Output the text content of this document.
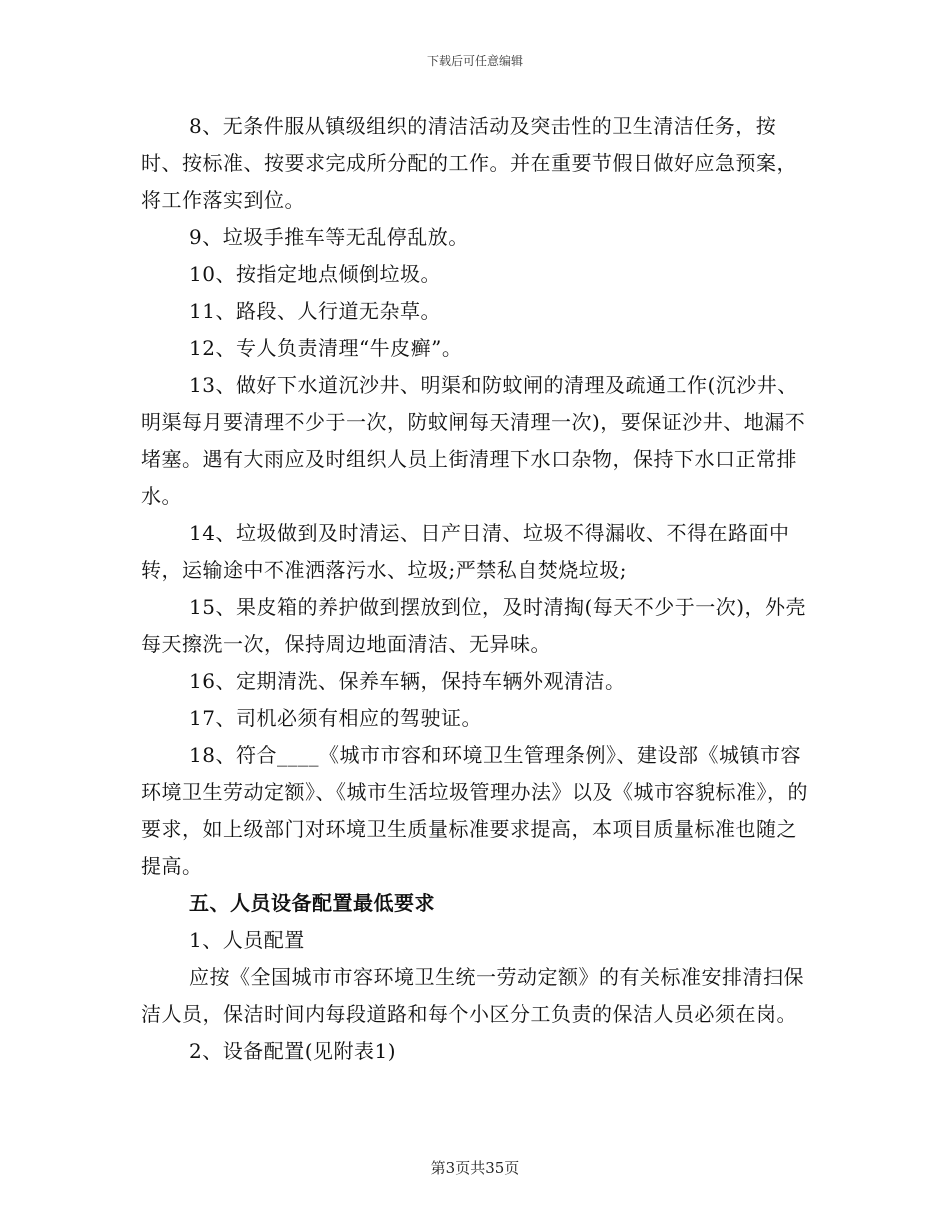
下载后可任意编辑

8、无条件服从镇级组织的清洁活动及突击性的卫生清洁任务，按时、按标准、按要求完成所分配的工作。并在重要节假日做好应急预案，将工作落实到位。

9、垃圾手推车等无乱停乱放。

10、按指定地点倾倒垃圾。

11、路段、人行道无杂草。

12、专人负责清理“牛皮癣”。

13、做好下水道沉沙井、明渠和防蚊闸的清理及疏通工作(沉沙井、明渠每月要清理不少于一次，防蚊闸每天清理一次)，要保证沙井、地漏不堵塞。遇有大雨应及时组织人员上街清理下水口杂物，保持下水口正常排水。

14、垃圾做到及时清运、日产日清、垃圾不得漏收、不得在路面中转，运输途中不准洒落污水、垃圾;严禁私自焚烧垃圾;

15、果皮箱的养护做到摆放到位，及时清掏(每天不少于一次)，外壳每天擦洗一次，保持周边地面清洁、无异味。

16、定期清洗、保养车辆，保持车辆外观清洁。

17、司机必须有相应的驾驶证。

18、符合____《城市市容和环境卫生管理条例》、建设部《城镇市容环境卫生劳动定额》、《城市生活垃圾管理办法》以及《城市容貌标准》，的要求，如上级部门对环境卫生质量标准要求提高，本项目质量标准也随之提高。

五、人员设备配置最低要求

1、人员配置

应按《全国城市市容环境卫生统一劳动定额》的有关标准安排清扫保洁人员，保洁时间内每段道路和每个小区分工负责的保洁人员必须在岗。

2、设备配置(见附表1)

第3页共35页
